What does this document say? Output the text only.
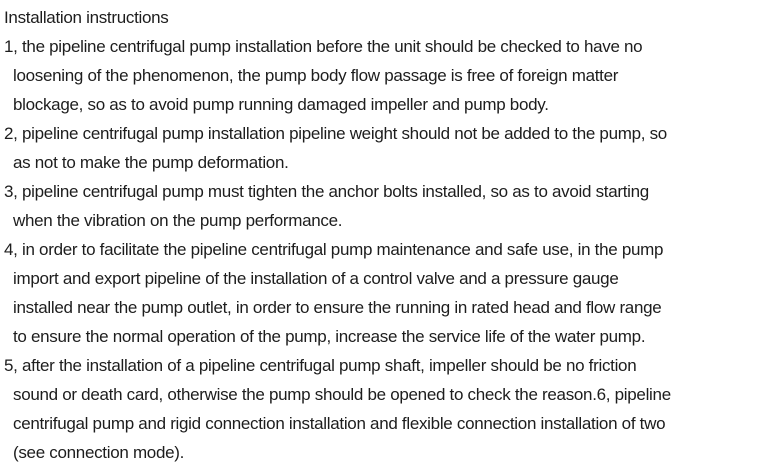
Installation instructions
1, the pipeline centrifugal pump installation before the unit should be checked to have no
loosening of the phenomenon, the pump body flow passage is free of foreign matter
blockage, so as to avoid pump running damaged impeller and pump body.
2, pipeline centrifugal pump installation pipeline weight should not be added to the pump, so
as not to make the pump deformation.
3, pipeline centrifugal pump must tighten the anchor bolts installed, so as to avoid starting
when the vibration on the pump performance.
4, in order to facilitate the pipeline centrifugal pump maintenance and safe use, in the pump
import and export pipeline of the installation of a control valve and a pressure gauge
installed near the pump outlet, in order to ensure the running in rated head and flow range
to ensure the normal operation of the pump, increase the service life of the water pump.
5, after the installation of a pipeline centrifugal pump shaft, impeller should be no friction
sound or death card, otherwise the pump should be opened to check the reason.6, pipeline
centrifugal pump and rigid connection installation and flexible connection installation of two
(see connection mode).
